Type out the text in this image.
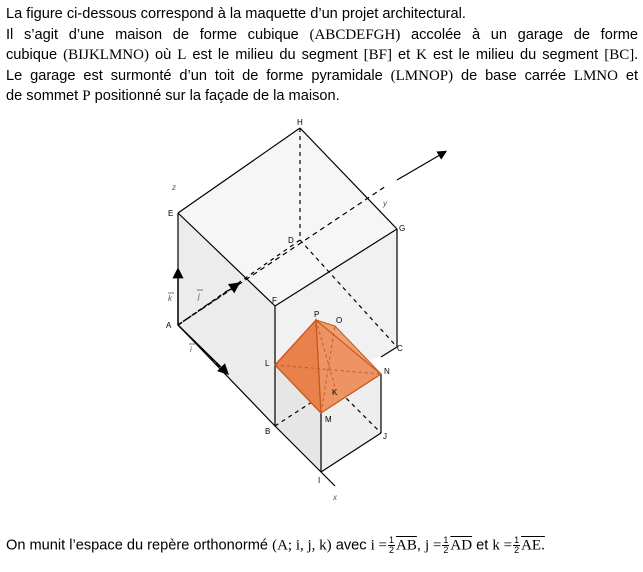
La figure ci-dessous correspond à la maquette d’un projet architectural.

Il s’agit d’une maison de forme cubique (ABCDEFGH) accolée à un garage de forme

cubique (BIJKLMNO) où L est le milieu du segment [BF] et K est le milieu du segment [BC].

Le garage est surmonté d’un toit de forme pyramidale (LMNOP) de base carrée LMNO et

de sommet P positionné sur la façade de la maison.

H
E
D
G
F
A
P
O
L
C
N
K
M
B
J
I
z
y
x
k	j
i
On munit l’espace du repère orthonormé (A; i, j, k) avec $i = \frac{1}{2} \overline{AB}$, $j = \frac{1}{2} \overline{AD}$ et $k = \frac{1}{2}$ AE.
